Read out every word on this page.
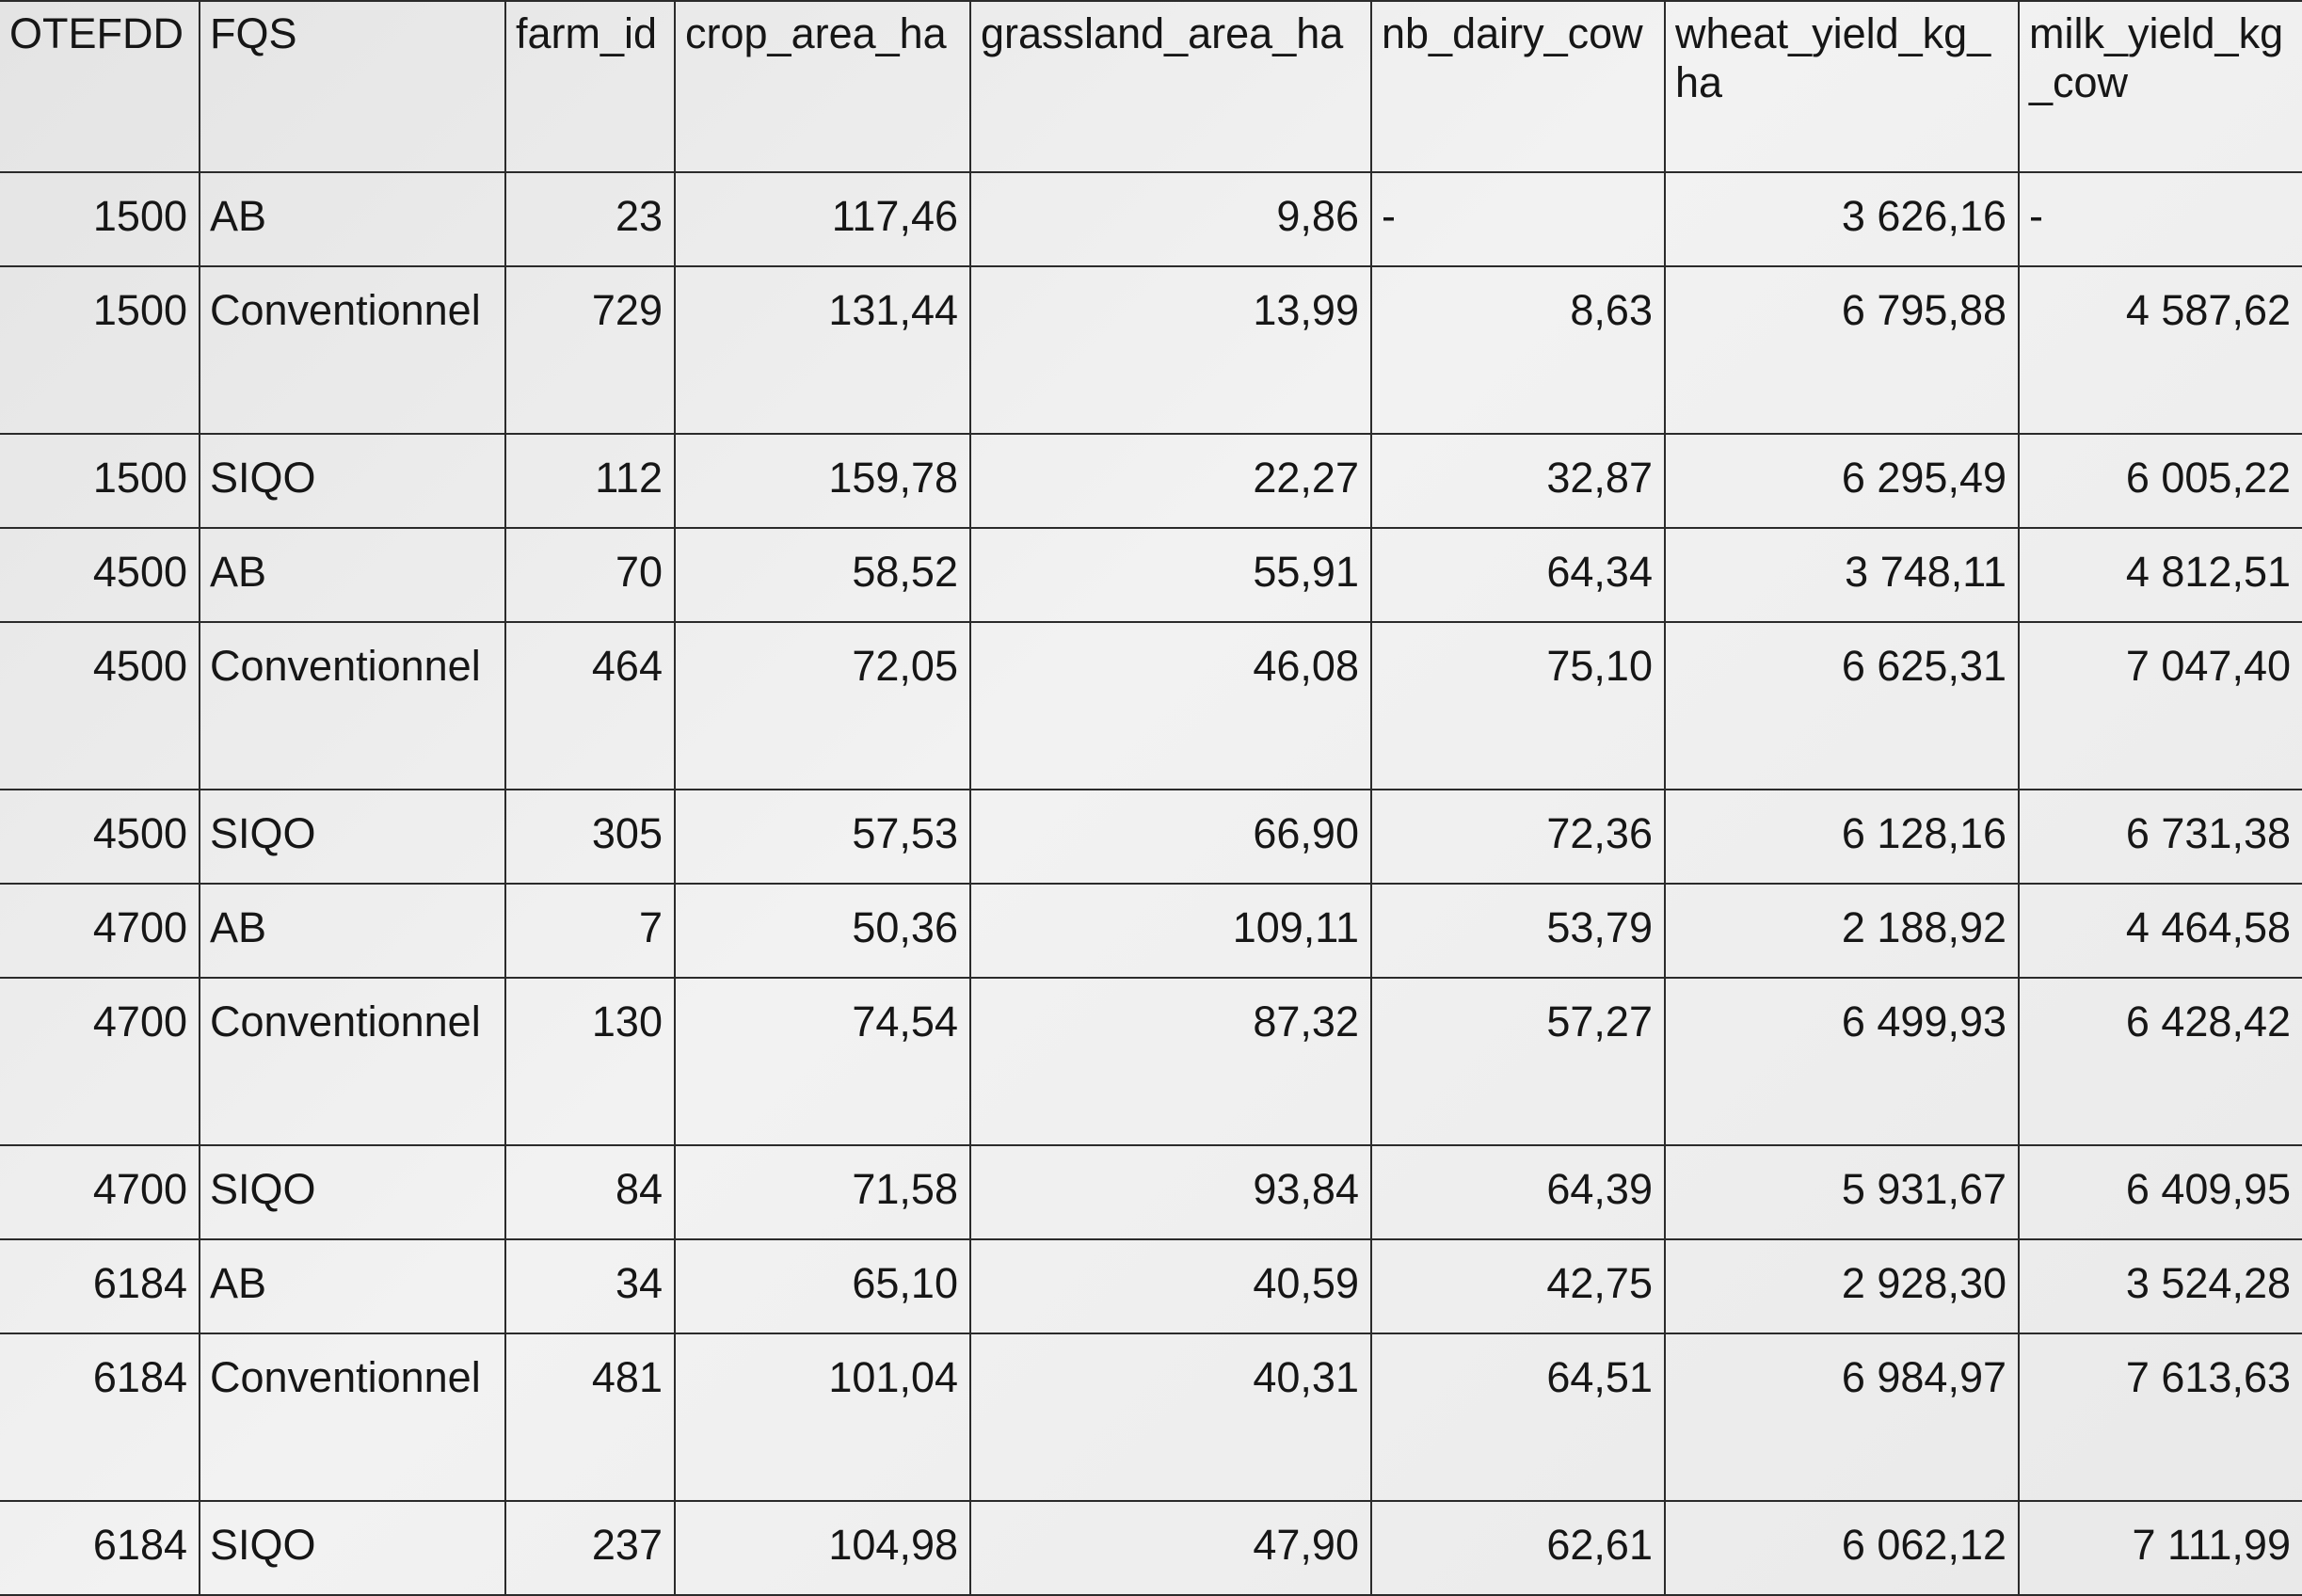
OTEFDD	FQS	farm_id	crop_area_ha	grassland_area_ha	nb_dairy_cow	wheat_yield_kg_ha	milk_yield_kg_cow
1500	AB	23	117,46	9,86	-	3 626,16	-
1500	Conventionnel	729	131,44	13,99	8,63	6 795,88	4 587,62
1500	SIQO	112	159,78	22,27	32,87	6 295,49	6 005,22
4500	AB	70	58,52	55,91	64,34	3 748,11	4 812,51
4500	Conventionnel	464	72,05	46,08	75,10	6 625,31	7 047,40
4500	SIQO	305	57,53	66,90	72,36	6 128,16	6 731,38
4700	AB	7	50,36	109,11	53,79	2 188,92	4 464,58
4700	Conventionnel	130	74,54	87,32	57,27	6 499,93	6 428,42
4700	SIQO	84	71,58	93,84	64,39	5 931,67	6 409,95
6184	AB	34	65,10	40,59	42,75	2 928,30	3 524,28
6184	Conventionnel	481	101,04	40,31	64,51	6 984,97	7 613,63
6184	SIQO	237	104,98	47,90	62,61	6 062,12	7 111,99
